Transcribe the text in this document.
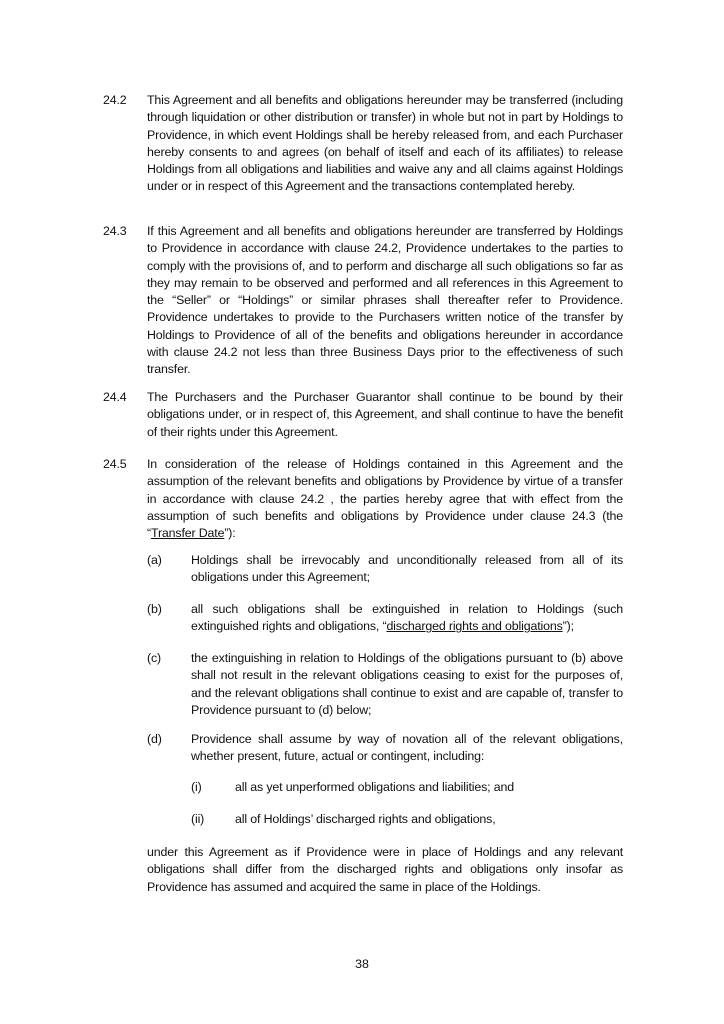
24.2	This Agreement and all benefits and obligations hereunder may be transferred (including through liquidation or other distribution or transfer) in whole but not in part by Holdings to Providence, in which event Holdings shall be hereby released from, and each Purchaser hereby consents to and agrees (on behalf of itself and each of its affiliates) to release Holdings from all obligations and liabilities and waive any and all claims against Holdings under or in respect of this Agreement and the transactions contemplated hereby.
24.3	If this Agreement and all benefits and obligations hereunder are transferred by Holdings to Providence in accordance with clause 24.2, Providence undertakes to the parties to comply with the provisions of, and to perform and discharge all such obligations so far as they may remain to be observed and performed and all references in this Agreement to the “Seller” or “Holdings” or similar phrases shall thereafter refer to Providence. Providence undertakes to provide to the Purchasers written notice of the transfer by Holdings to Providence of all of the benefits and obligations hereunder in accordance with clause 24.2 not less than three Business Days prior to the effectiveness of such transfer.
24.4	The Purchasers and the Purchaser Guarantor shall continue to be bound by their obligations under, or in respect of, this Agreement, and shall continue to have the benefit of their rights under this Agreement.
24.5	In consideration of the release of Holdings contained in this Agreement and the assumption of the relevant benefits and obligations by Providence by virtue of a transfer in accordance with clause 24.2 , the parties hereby agree that with effect from the assumption of such benefits and obligations by Providence under clause 24.3 (the “Transfer Date”):
(a)	Holdings shall be irrevocably and unconditionally released from all of its obligations under this Agreement;
(b)	all such obligations shall be extinguished in relation to Holdings (such extinguished rights and obligations, “discharged rights and obligations”);
(c)	the extinguishing in relation to Holdings of the obligations pursuant to (b) above shall not result in the relevant obligations ceasing to exist for the purposes of, and the relevant obligations shall continue to exist and are capable of, transfer to Providence pursuant to (d) below;
(d)	Providence shall assume by way of novation all of the relevant obligations, whether present, future, actual or contingent, including:
(i)	all as yet unperformed obligations and liabilities; and
(ii)	all of Holdings’ discharged rights and obligations,
under this Agreement as if Providence were in place of Holdings and any relevant obligations shall differ from the discharged rights and obligations only insofar as Providence has assumed and acquired the same in place of the Holdings.
38
